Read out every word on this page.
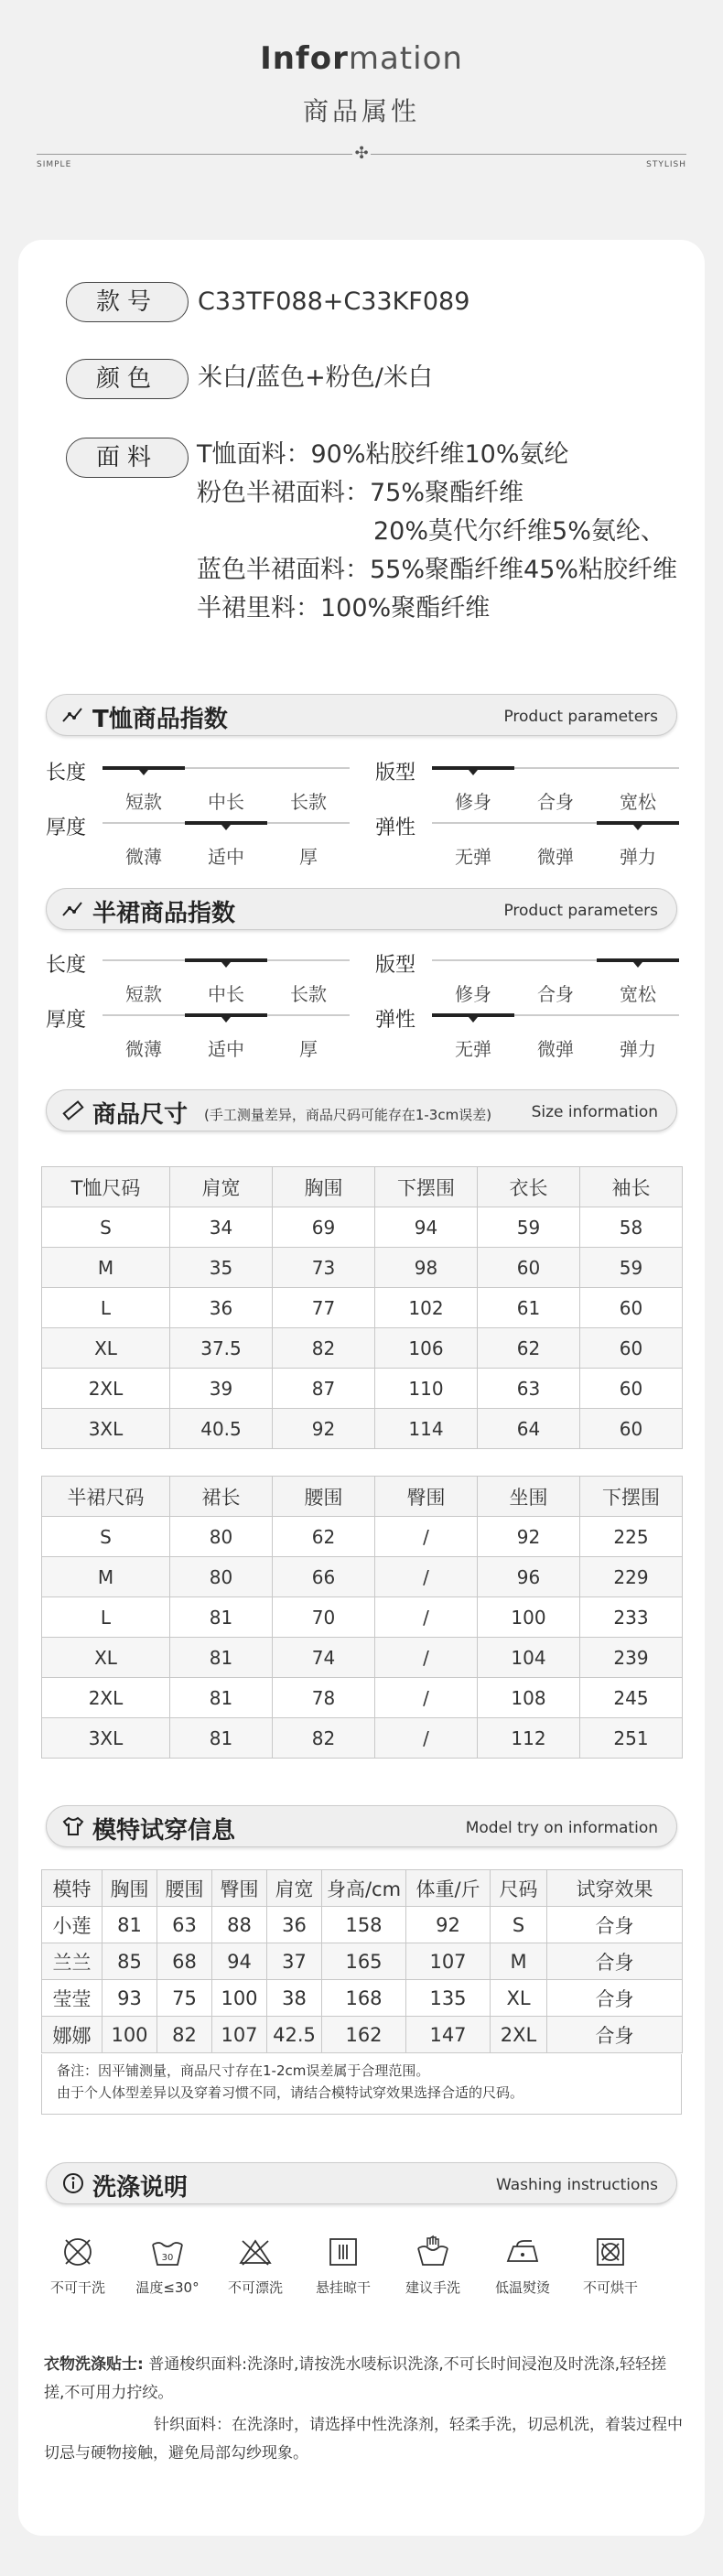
Information
商品属性
✣
SIMPLE	STYLISH
款号	C33TF088+C33KF089
颜色	米白/蓝色+粉色/米白
面料	T恤面料：90%粘胶纤维10%氨纶
粉色半裙面料：75%聚酯纤维
20%莫代尔纤维5%氨纶、
蓝色半裙面料：55%聚酯纤维45%粘胶纤维
半裙里料：100%聚酯纤维
T恤商品指数	Product parameters
长度
短款	中长	长款
版型
修身	合身	宽松
厚度
微薄	适中	厚
弹性
无弹	微弹	弹力
半裙商品指数	Product parameters
长度
短款	中长	长款
版型
修身	合身	宽松
厚度
微薄	适中	厚
弹性
无弹	微弹	弹力
商品尺寸 (手工测量差异，商品尺码可能存在1-3cm误差)	Size information
T恤尺码	肩宽	胸围	下摆围	衣长	袖长
S	34	69	94	59	58
M	35	73	98	60	59
L	36	77	102	61	60
XL	37.5	82	106	62	60
2XL	39	87	110	63	60
3XL	40.5	92	114	64	60
半裙尺码	裙长	腰围	臀围	坐围	下摆围
S	80	62	/	92	225
M	80	66	/	96	229
L	81	70	/	100	233
XL	81	74	/	104	239
2XL	81	78	/	108	245
3XL	81	82	/	112	251
模特试穿信息	Model try on information
模特	胸围	腰围	臀围	肩宽	身高/cm	体重/斤	尺码	试穿效果
小莲	81	63	88	36	158	92	S	合身
兰兰	85	68	94	37	165	107	M	合身
莹莹	93	75	100	38	168	135	XL	合身
娜娜	100	82	107	42.5	162	147	2XL	合身
备注：因平铺测量，商品尺寸存在1-2cm误差属于合理范围。
由于个人体型差异以及穿着习惯不同，请结合模特试穿效果选择合适的尺码。
洗涤说明	Washing instructions
不可干洗
30
温度≤30°	不可漂洗	悬挂晾干	建议手洗	低温熨烫	不可烘干
衣物洗涤贴士: 普通梭织面料:洗涤时,请按洗水唛标识洗涤,不可长时间浸泡及时洗涤,轻轻搓搓,不可用力拧绞。
针织面料：在洗涤时，请选择中性洗涤剂，轻柔手洗，切忌机洗，着装过程中切忌与硬物接触，避免局部勾纱现象。
